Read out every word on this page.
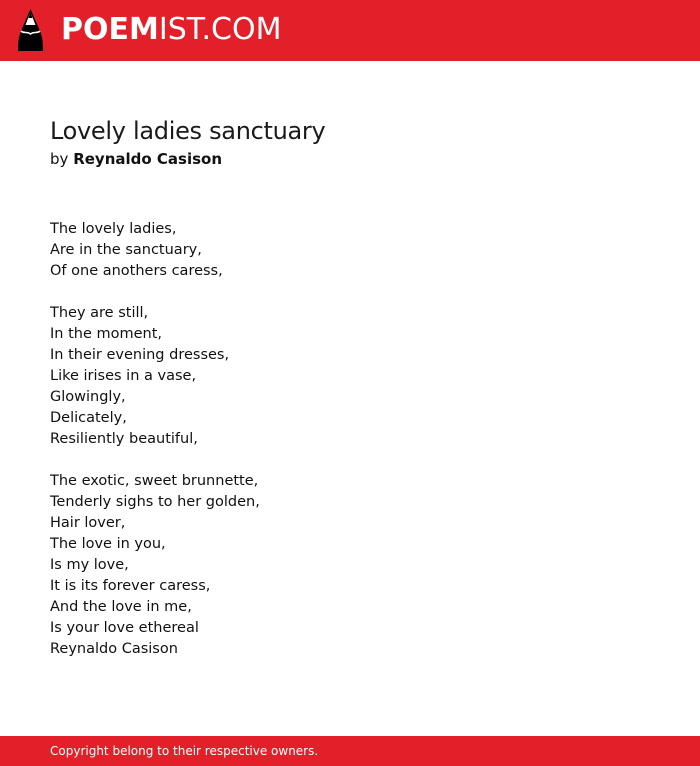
POEMIST.COM
Lovely ladies sanctuary

by Reynaldo Casison

The lovely ladies,
Are in the sanctuary,
Of one anothers caress,
They are still,
In the moment,
In their evening dresses,
Like irises in a vase,
Glowingly,
Delicately,
Resiliently beautiful,
The exotic, sweet brunnette,
Tenderly sighs to her golden,
Hair lover,
The love in you,
Is my love,
It is its forever caress,
And the love in me,
Is your love ethereal
Reynaldo Casison
Copyright belong to their respective owners.
